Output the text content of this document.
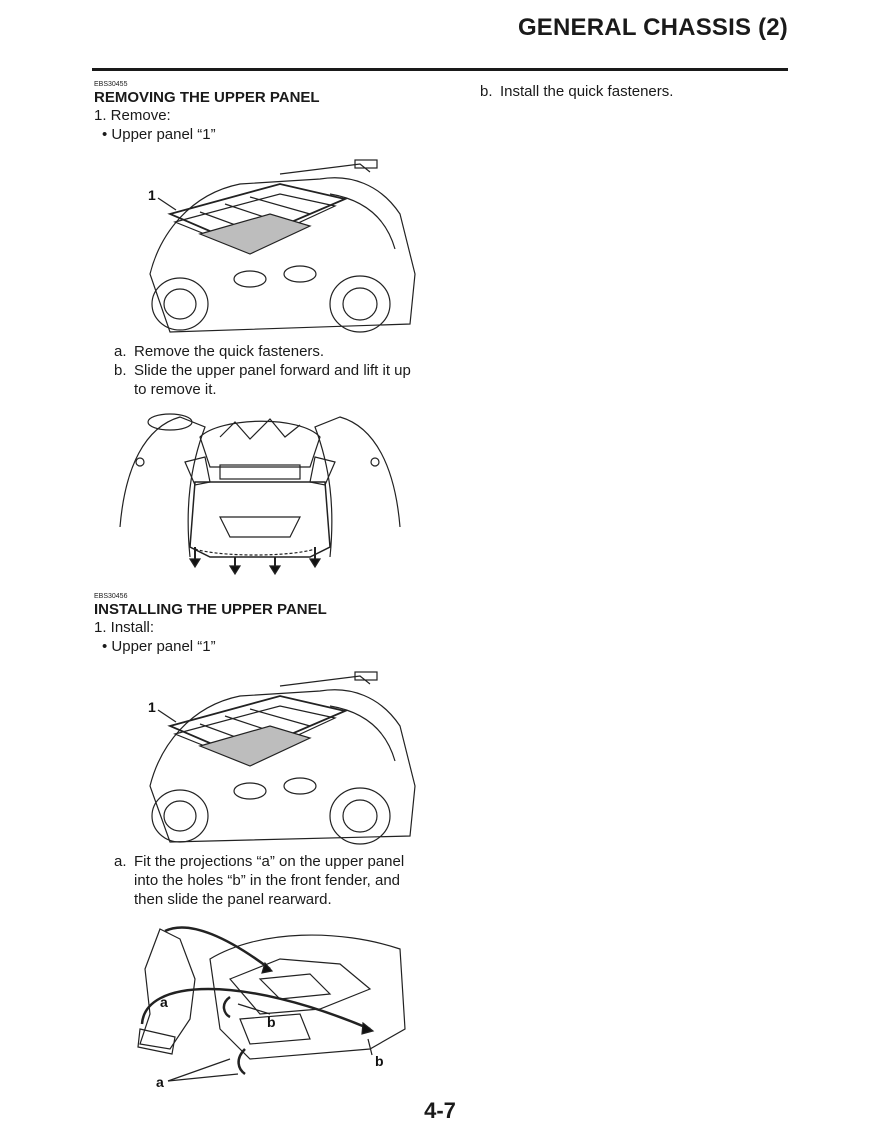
GENERAL CHASSIS (2)
EBS30455
REMOVING THE UPPER PANEL
1. Remove:
• Upper panel “1”
1
a. Remove the quick fasteners.
b. Slide the upper panel forward and lift it up to remove it.
EBS30456
INSTALLING THE UPPER PANEL
1. Install:
• Upper panel “1”
1
a. Fit the projections “a” on the upper panel into the holes “b” in the front fender, and then slide the panel rearward.
a
b
b
a
b. Install the quick fasteners.
4-7
